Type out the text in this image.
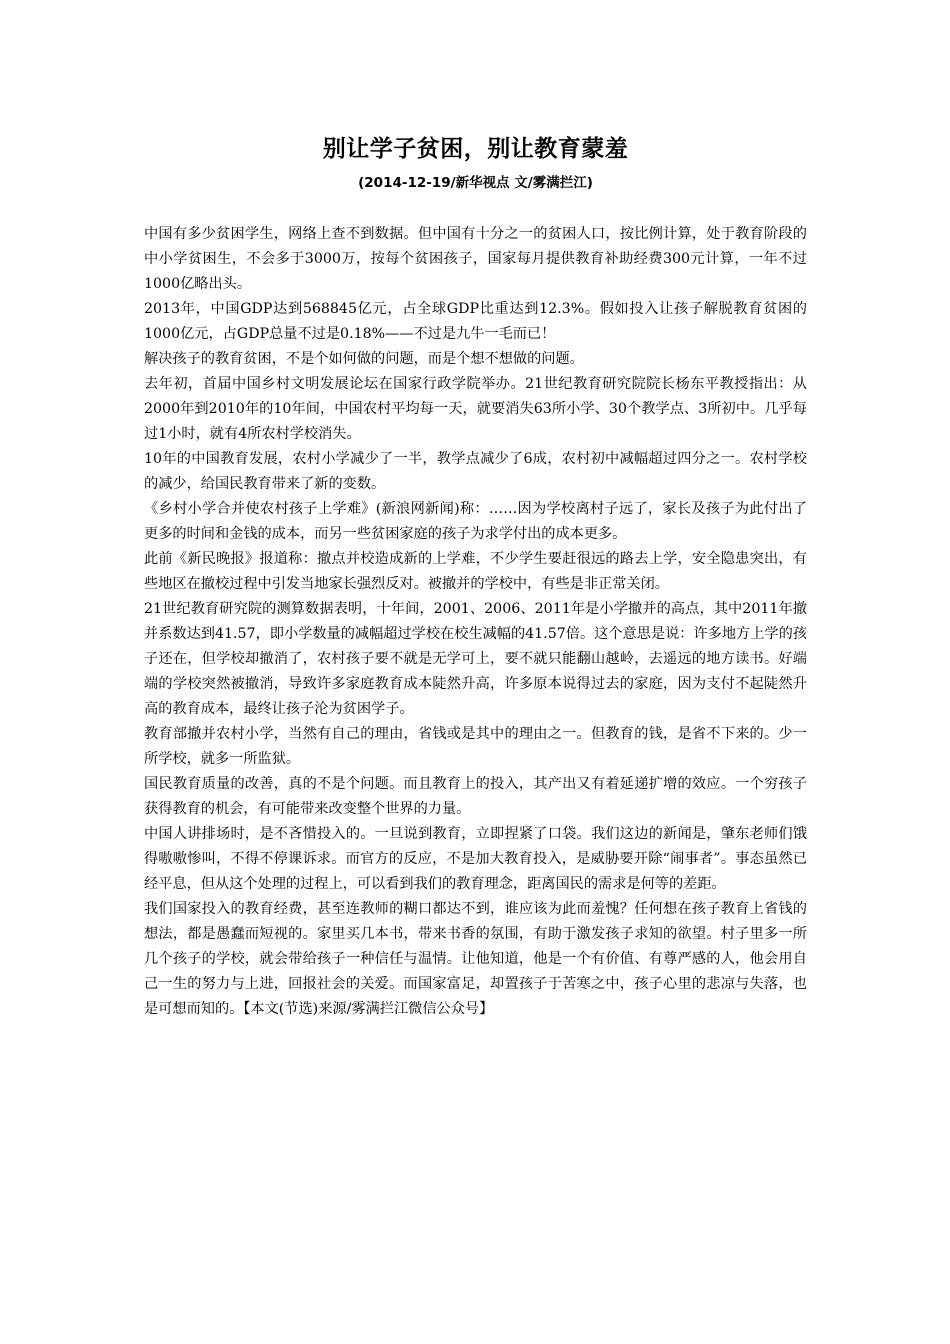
别让学子贫困，别让教育蒙羞
(2014-12-19/新华视点 文/雾满拦江)

中国有多少贫困学生，网络上查不到数据。但中国有十分之一的贫困人口，按比例计算，处于教育阶段的中小学贫困生，不会多于3000万，按每个贫困孩子，国家每月提供教育补助经费300元计算，一年不过1000亿略出头。

2013年，中国GDP达到568845亿元，占全球GDP比重达到12.3%。假如投入让孩子解脱教育贫困的1000亿元，占GDP总量不过是0.18%——不过是九牛一毛而已！

解决孩子的教育贫困，不是个如何做的问题，而是个想不想做的问题。

去年初，首届中国乡村文明发展论坛在国家行政学院举办。21世纪教育研究院院长杨东平教授指出：从2000年到2010年的10年间，中国农村平均每一天，就要消失63所小学、30个教学点、3所初中。几乎每过1小时，就有4所农村学校消失。

10年的中国教育发展，农村小学减少了一半，教学点减少了6成，农村初中减幅超过四分之一。农村学校的减少，给国民教育带来了新的变数。

《乡村小学合并使农村孩子上学难》(新浪网新闻)称：……因为学校离村子远了，家长及孩子为此付出了更多的时间和金钱的成本，而另一些贫困家庭的孩子为求学付出的成本更多。

此前《新民晚报》报道称：撤点并校造成新的上学难，不少学生要赶很远的路去上学，安全隐患突出，有些地区在撤校过程中引发当地家长强烈反对。被撤并的学校中，有些是非正常关闭。

21世纪教育研究院的测算数据表明，十年间，2001、2006、2011年是小学撤并的高点，其中2011年撤并系数达到41.57，即小学数量的减幅超过学校在校生减幅的41.57倍。这个意思是说：许多地方上学的孩子还在，但学校却撤消了，农村孩子要不就是无学可上，要不就只能翻山越岭，去遥远的地方读书。好端端的学校突然被撤消，导致许多家庭教育成本陡然升高，许多原本说得过去的家庭，因为支付不起陡然升高的教育成本，最终让孩子沦为贫困学子。

教育部撤并农村小学，当然有自己的理由，省钱或是其中的理由之一。但教育的钱，是省不下来的。少一所学校，就多一所监狱。

国民教育质量的改善，真的不是个问题。而且教育上的投入，其产出又有着延递扩增的效应。一个穷孩子获得教育的机会，有可能带来改变整个世界的力量。

中国人讲排场时，是不吝惜投入的。一旦说到教育，立即捏紧了口袋。我们这边的新闻是，肇东老师们饿得嗷嗷惨叫，不得不停课诉求。而官方的反应，不是加大教育投入，是威胁要开除“闹事者”。事态虽然已经平息，但从这个处理的过程上，可以看到我们的教育理念，距离国民的需求是何等的差距。

我们国家投入的教育经费，甚至连教师的糊口都达不到，谁应该为此而羞愧？任何想在孩子教育上省钱的想法，都是愚蠢而短视的。家里买几本书，带来书香的氛围，有助于激发孩子求知的欲望。村子里多一所几个孩子的学校，就会带给孩子一种信任与温情。让他知道，他是一个有价值、有尊严感的人，他会用自己一生的努力与上进，回报社会的关爱。而国家富足，却置孩子于苦寒之中，孩子心里的悲凉与失落，也是可想而知的。【本文(节选)来源/雾满拦江微信公众号】
